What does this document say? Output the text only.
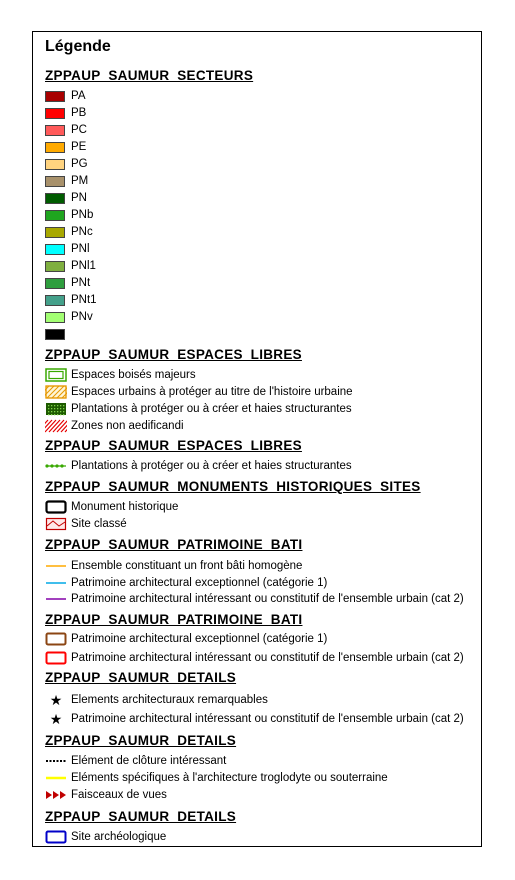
Légende
ZPPAUP_SAUMUR_SECTEURS
PA
PB
PC
PE
PG
PM
PN
PNb
PNc
PNl
PNl1
PNt
PNt1
PNv
ZPPAUP_SAUMUR_ESPACES_LIBRES
Espaces boisés majeurs
Espaces urbains à protéger au titre de l'histoire urbaine
Plantations à protéger ou à créer et haies structurantes
Zones non aedificandi
ZPPAUP_SAUMUR_ESPACES_LIBRES
Plantations à protéger ou à créer et haies structurantes
ZPPAUP_SAUMUR_MONUMENTS_HISTORIQUES_SITES
Monument historique
Site classé
ZPPAUP_SAUMUR_PATRIMOINE_BATI
Ensemble constituant un front bâti homogène
Patrimoine architectural exceptionnel (catégorie 1)
Patrimoine architectural intéressant ou constitutif de l'ensemble urbain (cat 2)
ZPPAUP_SAUMUR_PATRIMOINE_BATI
Patrimoine architectural exceptionnel (catégorie 1)
Patrimoine architectural intéressant ou constitutif de l'ensemble urbain (cat 2)
ZPPAUP_SAUMUR_DETAILS
★ Elements architecturaux remarquables
★ Patrimoine architectural intéressant ou constitutif de l'ensemble urbain (cat 2)
ZPPAUP_SAUMUR_DETAILS
Elément de clôture intéressant
Eléments spécifiques à l'architecture troglodyte ou souterraine
Faisceaux de vues
ZPPAUP_SAUMUR_DETAILS
Site archéologique
